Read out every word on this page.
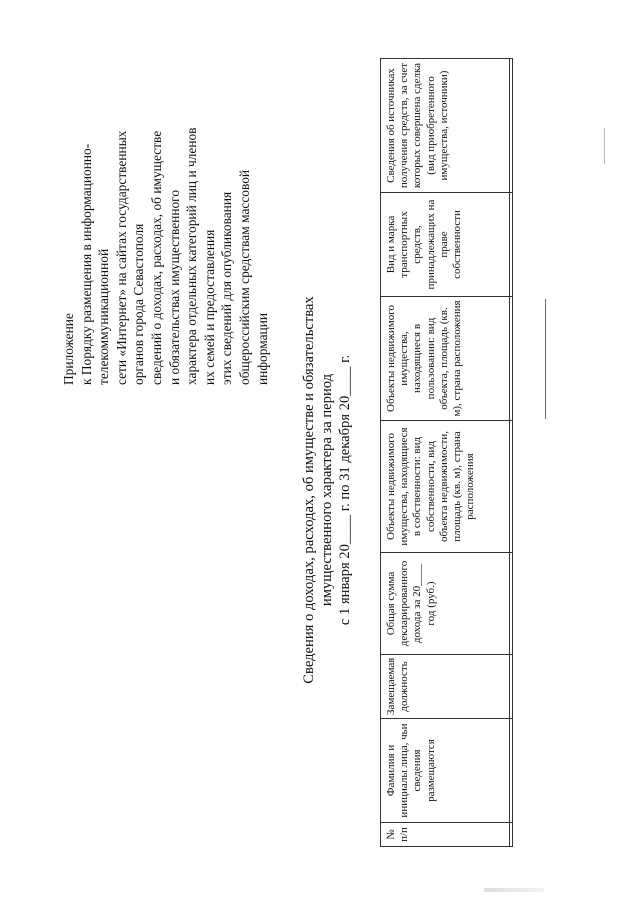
Приложение к Порядку размещения в информационно- телекоммуникационной сети «Интернет» на сайтах государственных органов города Севастополя сведений о доходах, расходах, об имуществе и обязательствах имущественного характера отдельных категорий лиц и членов их семей и предоставления этих сведений для опубликования общероссийским средствам массовой информации Сведения о доходах, расходах, об имуществе и обязательствах имущественного характера за период с 1 января 20____ г. по 31 декабря 20____ г.
№ п/п	Фамилия и инициалы лица, чьи сведения размещаются	Замещаемая должность	Общая сумма декларированного дохода за 20____ год (руб.)	Объекты недвижимого имущества, находящиеся в собственности: вид собственности, вид объекта недвижимости, площадь (кв. м), страна расположения	Объекты недвижимого имущества, находящиеся в пользовании: вид объекта, площадь (кв. м), страна расположения	Вид и марка транспортных средств, принадлежащих на праве собственности	Сведения об источниках получения средств, за счет которых совершена сделка (вид приобретенного имущества, источники)
